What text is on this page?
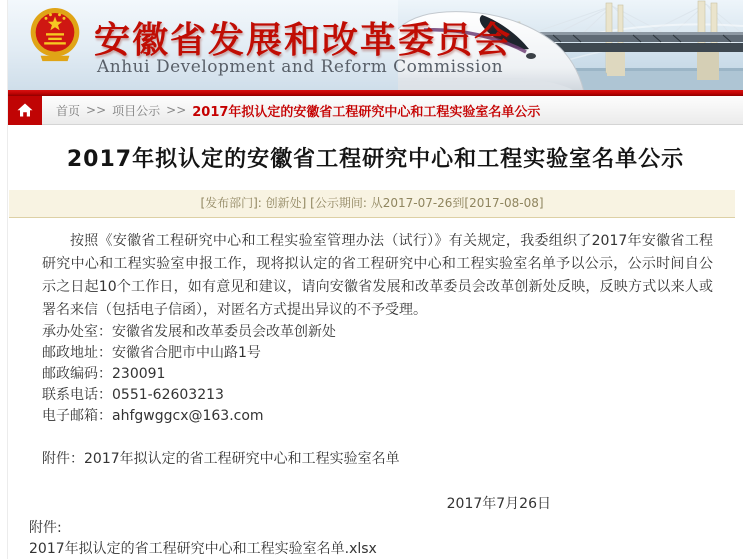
安徽省发展和改革委员会
Anhui Development and Reform Commission
首页 >> 项目公示 >> 2017年拟认定的安徽省工程研究中心和工程实验室名单公示
2017年拟认定的安徽省工程研究中心和工程实验室名单公示
[发布部门]: 创新处] [公示期间: 从2017-07-26到[2017-08-08]

按照《安徽省工程研究中心和工程实验室管理办法（试行）》有关规定，我委组织了2017年安徽省工程研究中心和工程实验室申报工作，现将拟认定的省工程研究中心和工程实验室名单予以公示，公示时间自公示之日起10个工作日，如有意见和建议，请向安徽省发展和改革委员会改革创新处反映，反映方式以来人或署名来信（包括电子信函），对匿名方式提出异议的不予受理。

承办处室：安徽省发展和改革委员会改革创新处

邮政地址：安徽省合肥市中山路1号

邮政编码：230091

联系电话：0551-62603213

电子邮箱：ahfgwggcx@163.com

附件：2017年拟认定的省工程研究中心和工程实验室名单

2017年7月26日

附件:
2017年拟认定的省工程研究中心和工程实验室名单.xlsx
